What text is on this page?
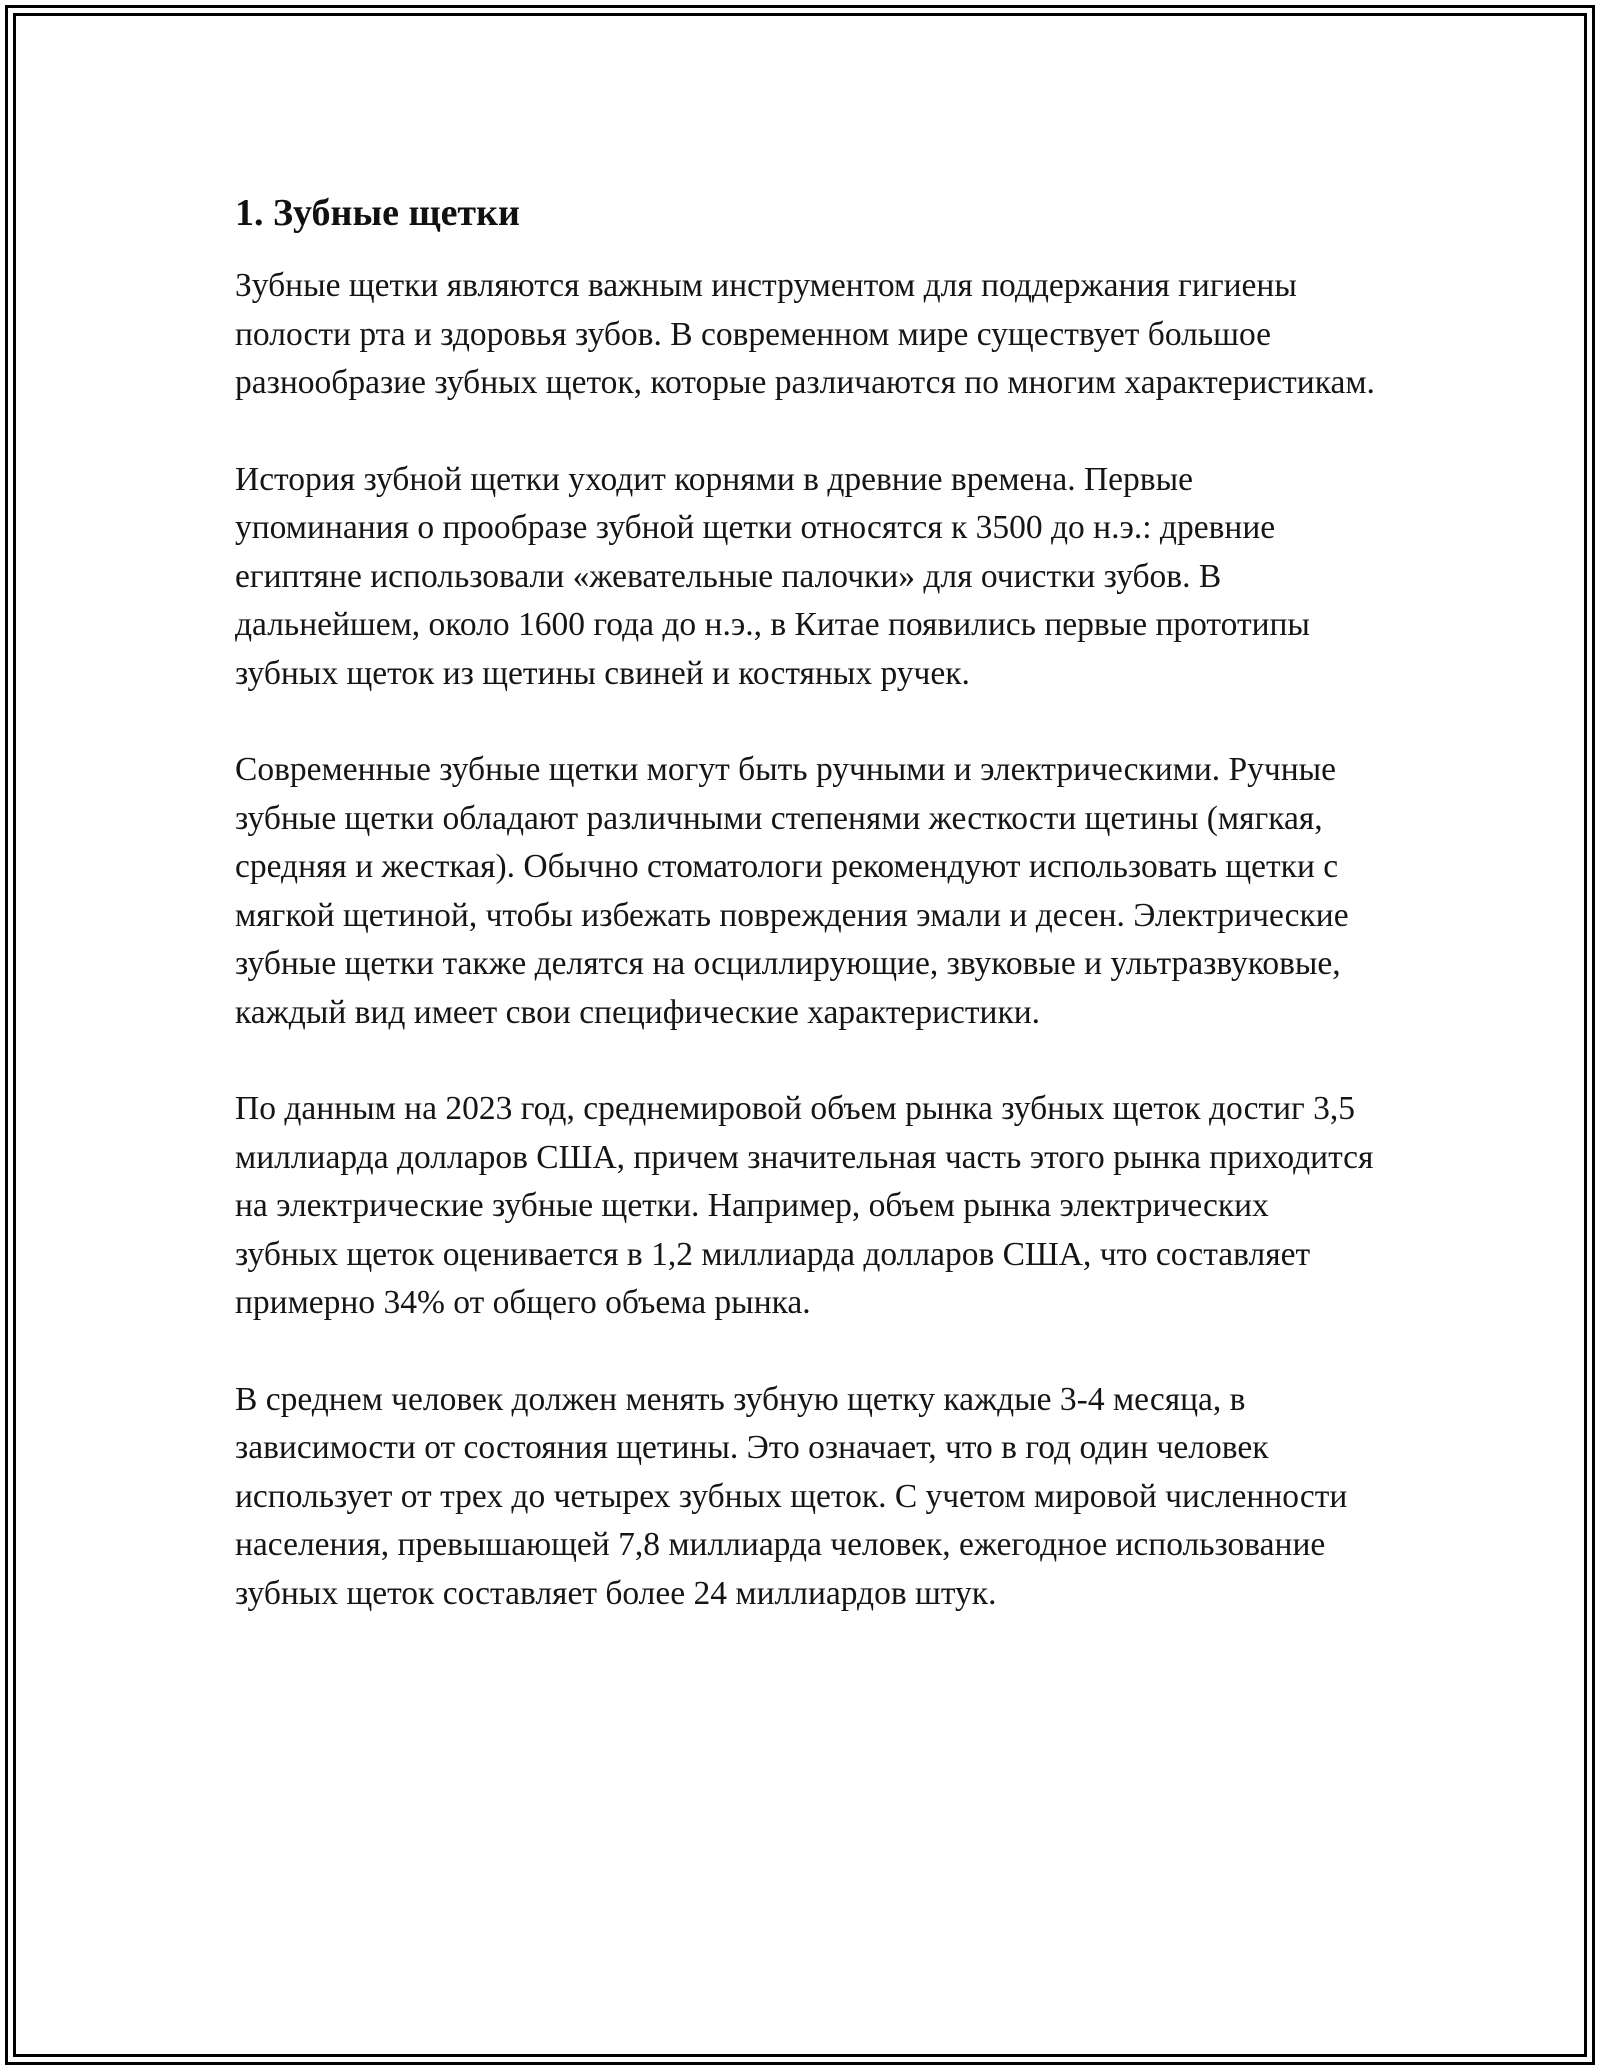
1. Зубные щетки

Зубные щетки являются важным инструментом для поддержания гигиены полости рта и здоровья зубов. В современном мире существует большое разнообразие зубных щеток, которые различаются по многим характеристикам.

История зубной щетки уходит корнями в древние времена. Первые упоминания о прообразе зубной щетки относятся к 3500 до н.э.: древние египтяне использовали «жевательные палочки» для очистки зубов. В дальнейшем, около 1600 года до н.э., в Китае появились первые прототипы зубных щеток из щетины свиней и костяных ручек.

Современные зубные щетки могут быть ручными и электрическими. Ручные зубные щетки обладают различными степенями жесткости щетины (мягкая, средняя и жесткая). Обычно стоматологи рекомендуют использовать щетки с мягкой щетиной, чтобы избежать повреждения эмали и десен. Электрические зубные щетки также делятся на осциллирующие, звуковые и ультразвуковые, каждый вид имеет свои специфические характеристики.

По данным на 2023 год, среднемировой объем рынка зубных щеток достиг 3,5 миллиарда долларов США, причем значительная часть этого рынка приходится на электрические зубные щетки. Например, объем рынка электрических зубных щеток оценивается в 1,2 миллиарда долларов США, что составляет примерно 34% от общего объема рынка.

В среднем человек должен менять зубную щетку каждые 3-4 месяца, в зависимости от состояния щетины. Это означает, что в год один человек использует от трех до четырех зубных щеток. С учетом мировой численности населения, превышающей 7,8 миллиарда человек, ежегодное использование зубных щеток составляет более 24 миллиардов штук.
